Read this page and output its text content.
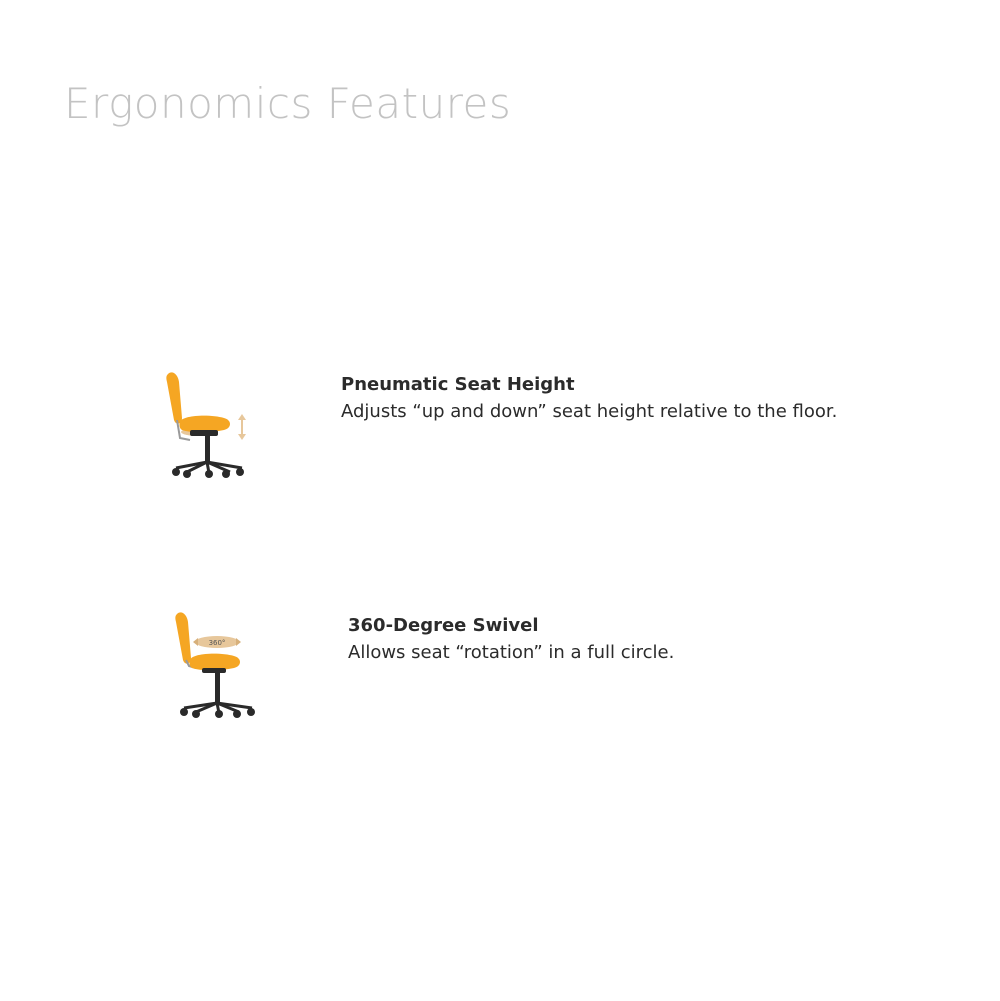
Ergonomics Features
Pneumatic Seat Height
Adjusts “up and down” seat height relative to the floor.
360°
360-Degree Swivel
Allows seat “rotation” in a full circle.
